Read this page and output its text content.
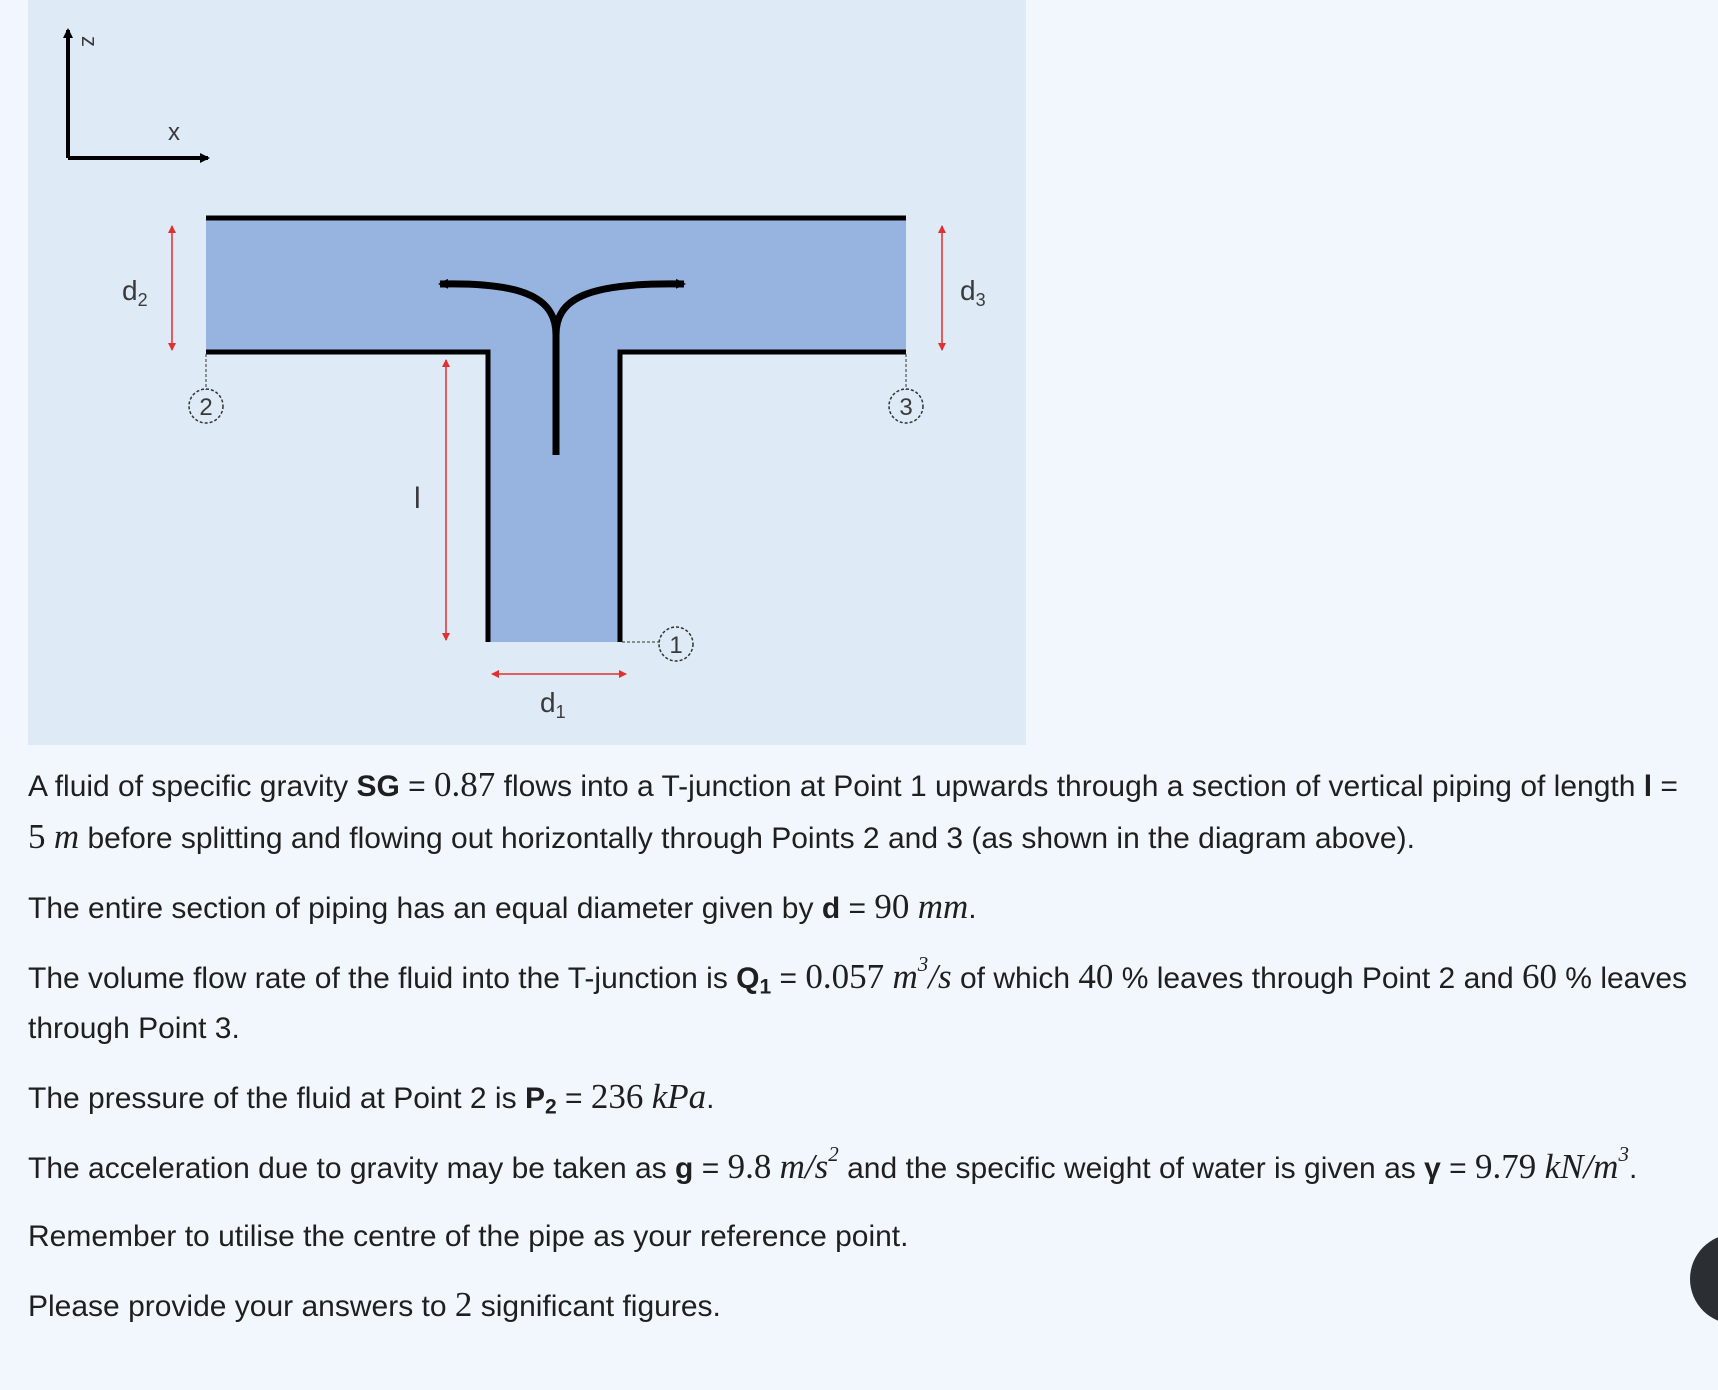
z
x
$d_2$	$d_3$
$d_1$
l
2	3
1

A fluid of specific gravity SG = 0.87 flows into a T-junction at Point 1 upwards through a section of vertical piping of length l = 5 m before splitting and flowing out horizontally through Points 2 and 3 (as shown in the diagram above).

The entire section of piping has an equal diameter given by d = 90 mm.

The volume flow rate of the fluid into the T-junction is $Q_1 = 0.057$ $m^3/s$ of which 40 % leaves through Point 2 and 60 % leaves through Point 3.

The pressure of the fluid at Point 2 is $P_2 = 236$ kPa.

The acceleration due to gravity may be taken as g = 9.8 $m/s^2$ and the specific weight of water is given as γ = 9.79 $kN/m^3$.

Remember to utilise the centre of the pipe as your reference point.

Please provide your answers to 2 significant figures.
